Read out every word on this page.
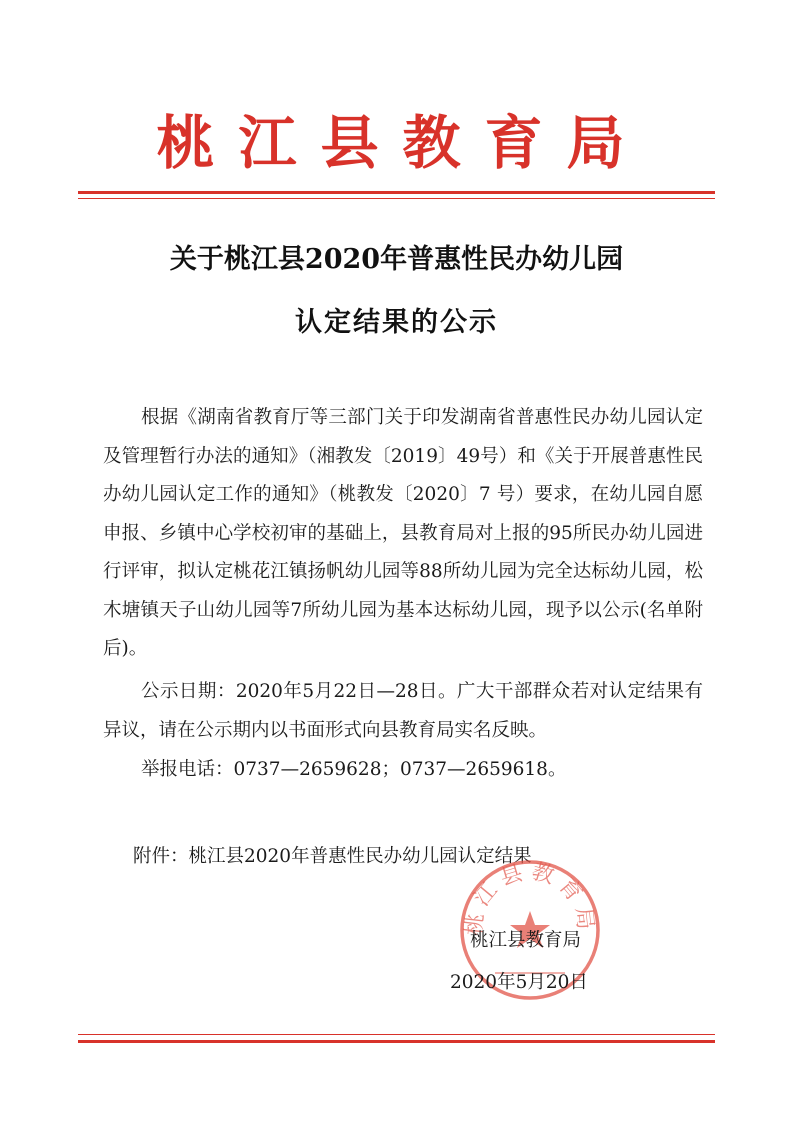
桃江县教育局
关于桃江县2020年普惠性民办幼儿园
认定结果的公示

根据《湖南省教育厅等三部门关于印发湖南省普惠性民办幼儿园认定及管理暂行办法的通知》（湘教发〔2019〕49号）和《关于开展普惠性民办幼儿园认定工作的通知》（桃教发〔2020〕7 号）要求，在幼儿园自愿申报、乡镇中心学校初审的基础上，县教育局对上报的95所民办幼儿园进行评审，拟认定桃花江镇扬帆幼儿园等88所幼儿园为完全达标幼儿园，松木塘镇天子山幼儿园等7所幼儿园为基本达标幼儿园，现予以公示(名单附后)。

公示日期：2020年5月22日—28日。广大干部群众若对认定结果有异议，请在公示期内以书面形式向县教育局实名反映。

举报电话：0737—2659628；0737—2659618。

附件：桃江县2020年普惠性民办幼儿园认定结果
桃江县教育局
桃江县教育局
2020年5月20日
